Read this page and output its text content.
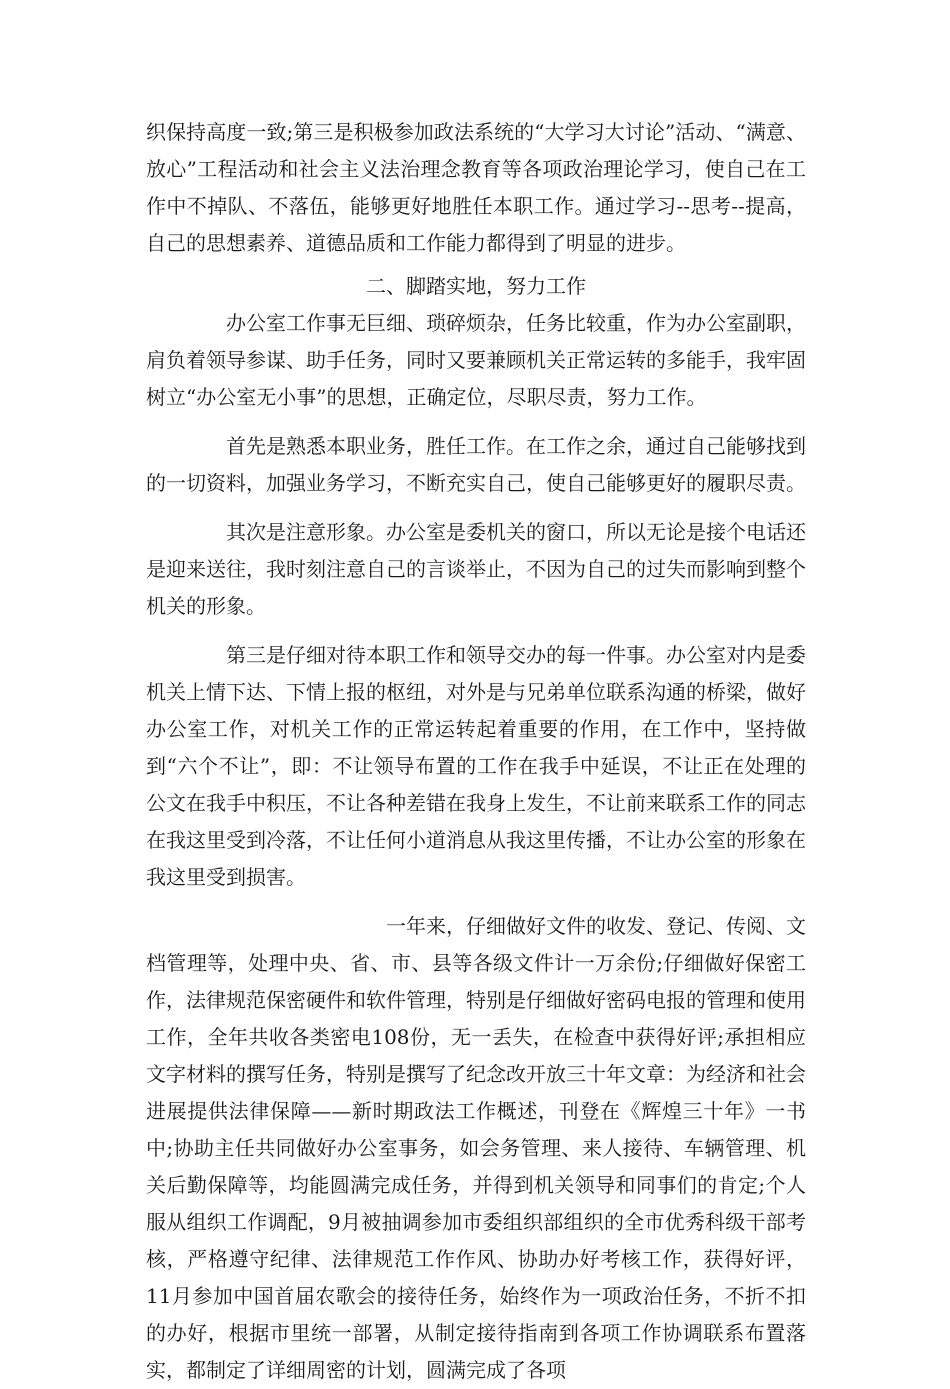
织保持高度一致;第三是积极参加政法系统的“大学习大讨论”活动、“满意、放心”工程活动和社会主义法治理念教育等各项政治理论学习，使自己在工作中不掉队、不落伍，能够更好地胜任本职工作。通过学习--思考--提高，自己的思想素养、道德品质和工作能力都得到了明显的进步。

二、脚踏实地，努力工作

办公室工作事无巨细、琐碎烦杂，任务比较重，作为办公室副职，肩负着领导参谋、助手任务，同时又要兼顾机关正常运转的多能手，我牢固树立“办公室无小事”的思想，正确定位，尽职尽责，努力工作。

首先是熟悉本职业务，胜任工作。在工作之余，通过自己能够找到的一切资料，加强业务学习，不断充实自己，使自己能够更好的履职尽责。

其次是注意形象。办公室是委机关的窗口，所以无论是接个电话还是迎来送往，我时刻注意自己的言谈举止，不因为自己的过失而影响到整个机关的形象。

第三是仔细对待本职工作和领导交办的每一件事。办公室对内是委机关上情下达、下情上报的枢纽，对外是与兄弟单位联系沟通的桥梁，做好办公室工作，对机关工作的正常运转起着重要的作用，在工作中，坚持做到“六个不让”，即：不让领导布置的工作在我手中延误，不让正在处理的公文在我手中积压，不让各种差错在我身上发生，不让前来联系工作的同志在我这里受到冷落，不让任何小道消息从我这里传播，不让办公室的形象在我这里受到损害。

一年来，仔细做好文件的收发、登记、传阅、文档管理等，处理中央、省、市、县等各级文件计一万余份;仔细做好保密工作，法律规范保密硬件和软件管理，特别是仔细做好密码电报的管理和使用工作，全年共收各类密电108份，无一丢失，在检查中获得好评;承担相应文字材料的撰写任务，特别是撰写了纪念改开放三十年文章：为经济和社会进展提供法律保障——新时期政法工作概述，刊登在《辉煌三十年》一书中;协助主任共同做好办公室事务，如会务管理、来人接待、车辆管理、机关后勤保障等，均能圆满完成任务，并得到机关领导和同事们的肯定;个人服从组织工作调配，9月被抽调参加市委组织部组织的全市优秀科级干部考核，严格遵守纪律、法律规范工作作风、协助办好考核工作，获得好评，11月参加中国首届农歌会的接待任务，始终作为一项政治任务，不折不扣的办好，根据市里统一部署，从制定接待指南到各项工作协调联系布置落实，都制定了详细周密的计划，圆满完成了各项
